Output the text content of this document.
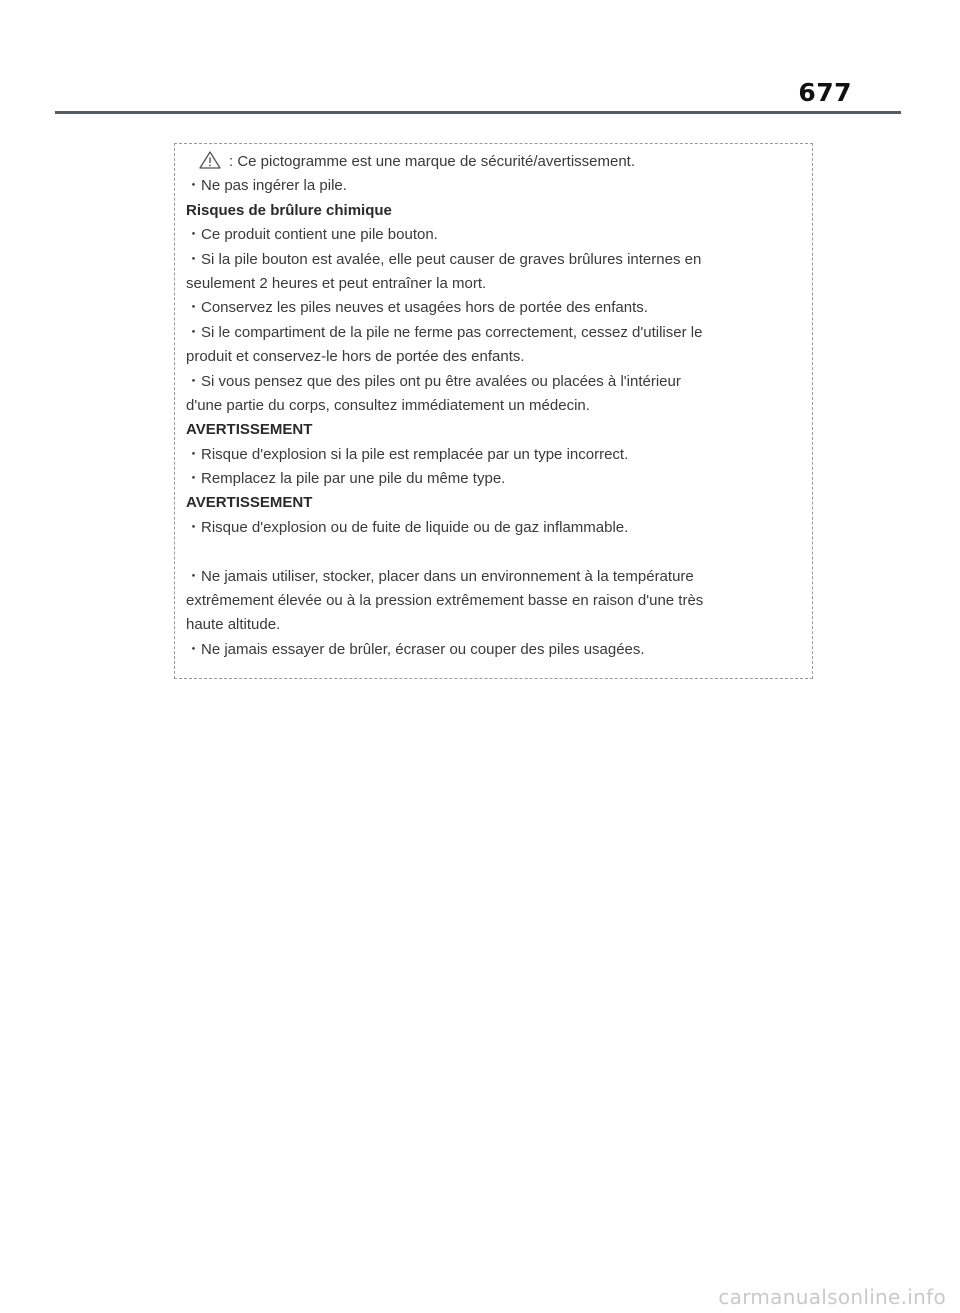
677
: Ce pictogramme est une marque de sécurité/avertissement.
・Ne pas ingérer la pile.
Risques de brûlure chimique
・Ce produit contient une pile bouton.
・Si la pile bouton est avalée, elle peut causer de graves brûlures internes en
seulement 2 heures et peut entraîner la mort.
・Conservez les piles neuves et usagées hors de portée des enfants.
・Si le compartiment de la pile ne ferme pas correctement, cessez d'utiliser le
produit et conservez-le hors de portée des enfants.
・Si vous pensez que des piles ont pu être avalées ou placées à l'intérieur
d'une partie du corps, consultez immédiatement un médecin.
AVERTISSEMENT
・Risque d'explosion si la pile est remplacée par un type incorrect.
・Remplacez la pile par une pile du même type.
AVERTISSEMENT
・Risque d'explosion ou de fuite de liquide ou de gaz inflammable.
・Ne jamais utiliser, stocker, placer dans un environnement à la température
extrêmement élevée ou à la pression extrêmement basse en raison d'une très
haute altitude.
・Ne jamais essayer de brûler, écraser ou couper des piles usagées.
carmanualsonline.info
